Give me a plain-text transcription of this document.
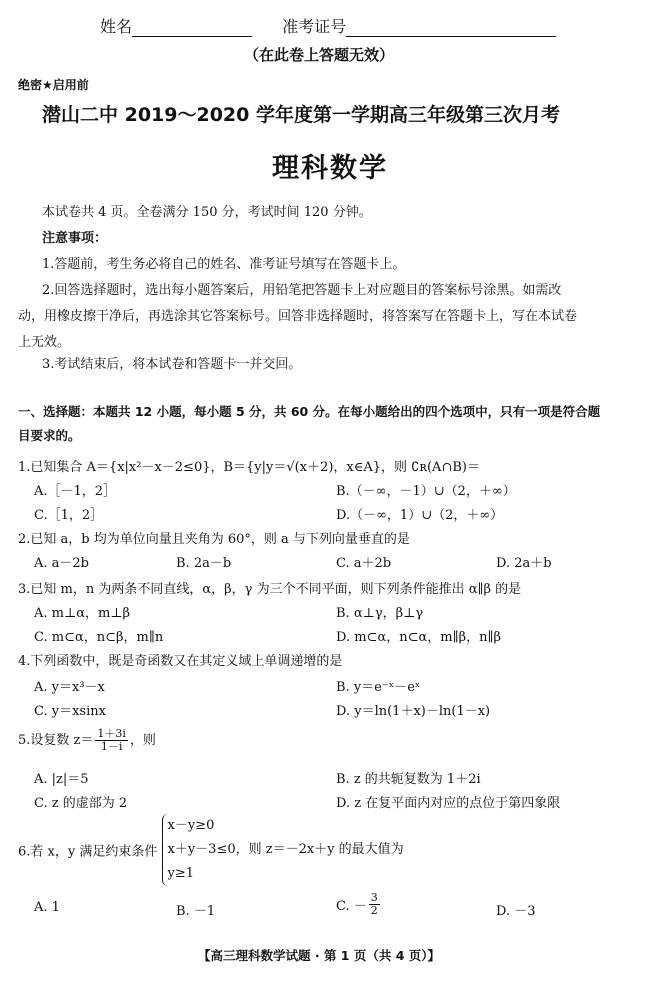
姓名	准考证号
（在此卷上答题无效）
绝密★启用前
潜山二中 2019～2020 学年度第一学期高三年级第三次月考
理科数学
本试卷共 4 页。全卷满分 150 分，考试时间 120 分钟。
注意事项：
1.答题前，考生务必将自己的姓名、准考证号填写在答题卡上。
2.回答选择题时，选出每小题答案后，用铅笔把答题卡上对应题目的答案标号涂黑。如需改
动，用橡皮擦干净后，再选涂其它答案标号。回答非选择题时，将答案写在答题卡上，写在本试卷
上无效。
3.考试结束后，将本试卷和答题卡一并交回。
一、选择题：本题共 12 小题，每小题 5 分，共 60 分。在每小题给出的四个选项中，只有一项是符合题
目要求的。
1.已知集合 A＝{x|x²－x－2≤0}，B＝{y|y＝√(x＋2)，x∈A}，则 ∁ʀ(A∩B)＝
A.［－1，2］	B.（－∞，－1）∪（2，＋∞）
C.［1，2］	D.（－∞，1）∪（2，＋∞）
2.已知 a，b 均为单位向量且夹角为 60°，则 a 与下列向量垂直的是
A. a－2b	B. 2a－b	C. a＋2b	D. 2a＋b
3.已知 m，n 为两条不同直线，α，β，γ 为三个不同平面，则下列条件能推出 α∥β 的是
A. m⊥α，m⊥β	B. α⊥γ，β⊥γ
C. m⊂α，n⊂β，m∥n	D. m⊂α，n⊂α，m∥β，n∥β
4.下列函数中，既是奇函数又在其定义域上单调递增的是
A. y＝x³－x	B. y＝e⁻ˣ－eˣ
C. y＝xsinx	D. y＝ln(1＋x)－ln(1－x)
5.设复数 $z= \frac{1+3i}{1-i}$ ，则
A. |z|＝5	B. z 的共轭复数为 1＋2i
C. z 的虚部为 2	D. z 在复平面内对应的点位于第四象限
6.若 x，y 满足约束条件
x－y≥0
x＋y－3≤0，则 z＝－2x＋y 的最大值为
y≥1
A. 1	B. －1	C. － $\frac{3}{2}$	D. －3
【高三理科数学试题 · 第 1 页（共 4 页）】
